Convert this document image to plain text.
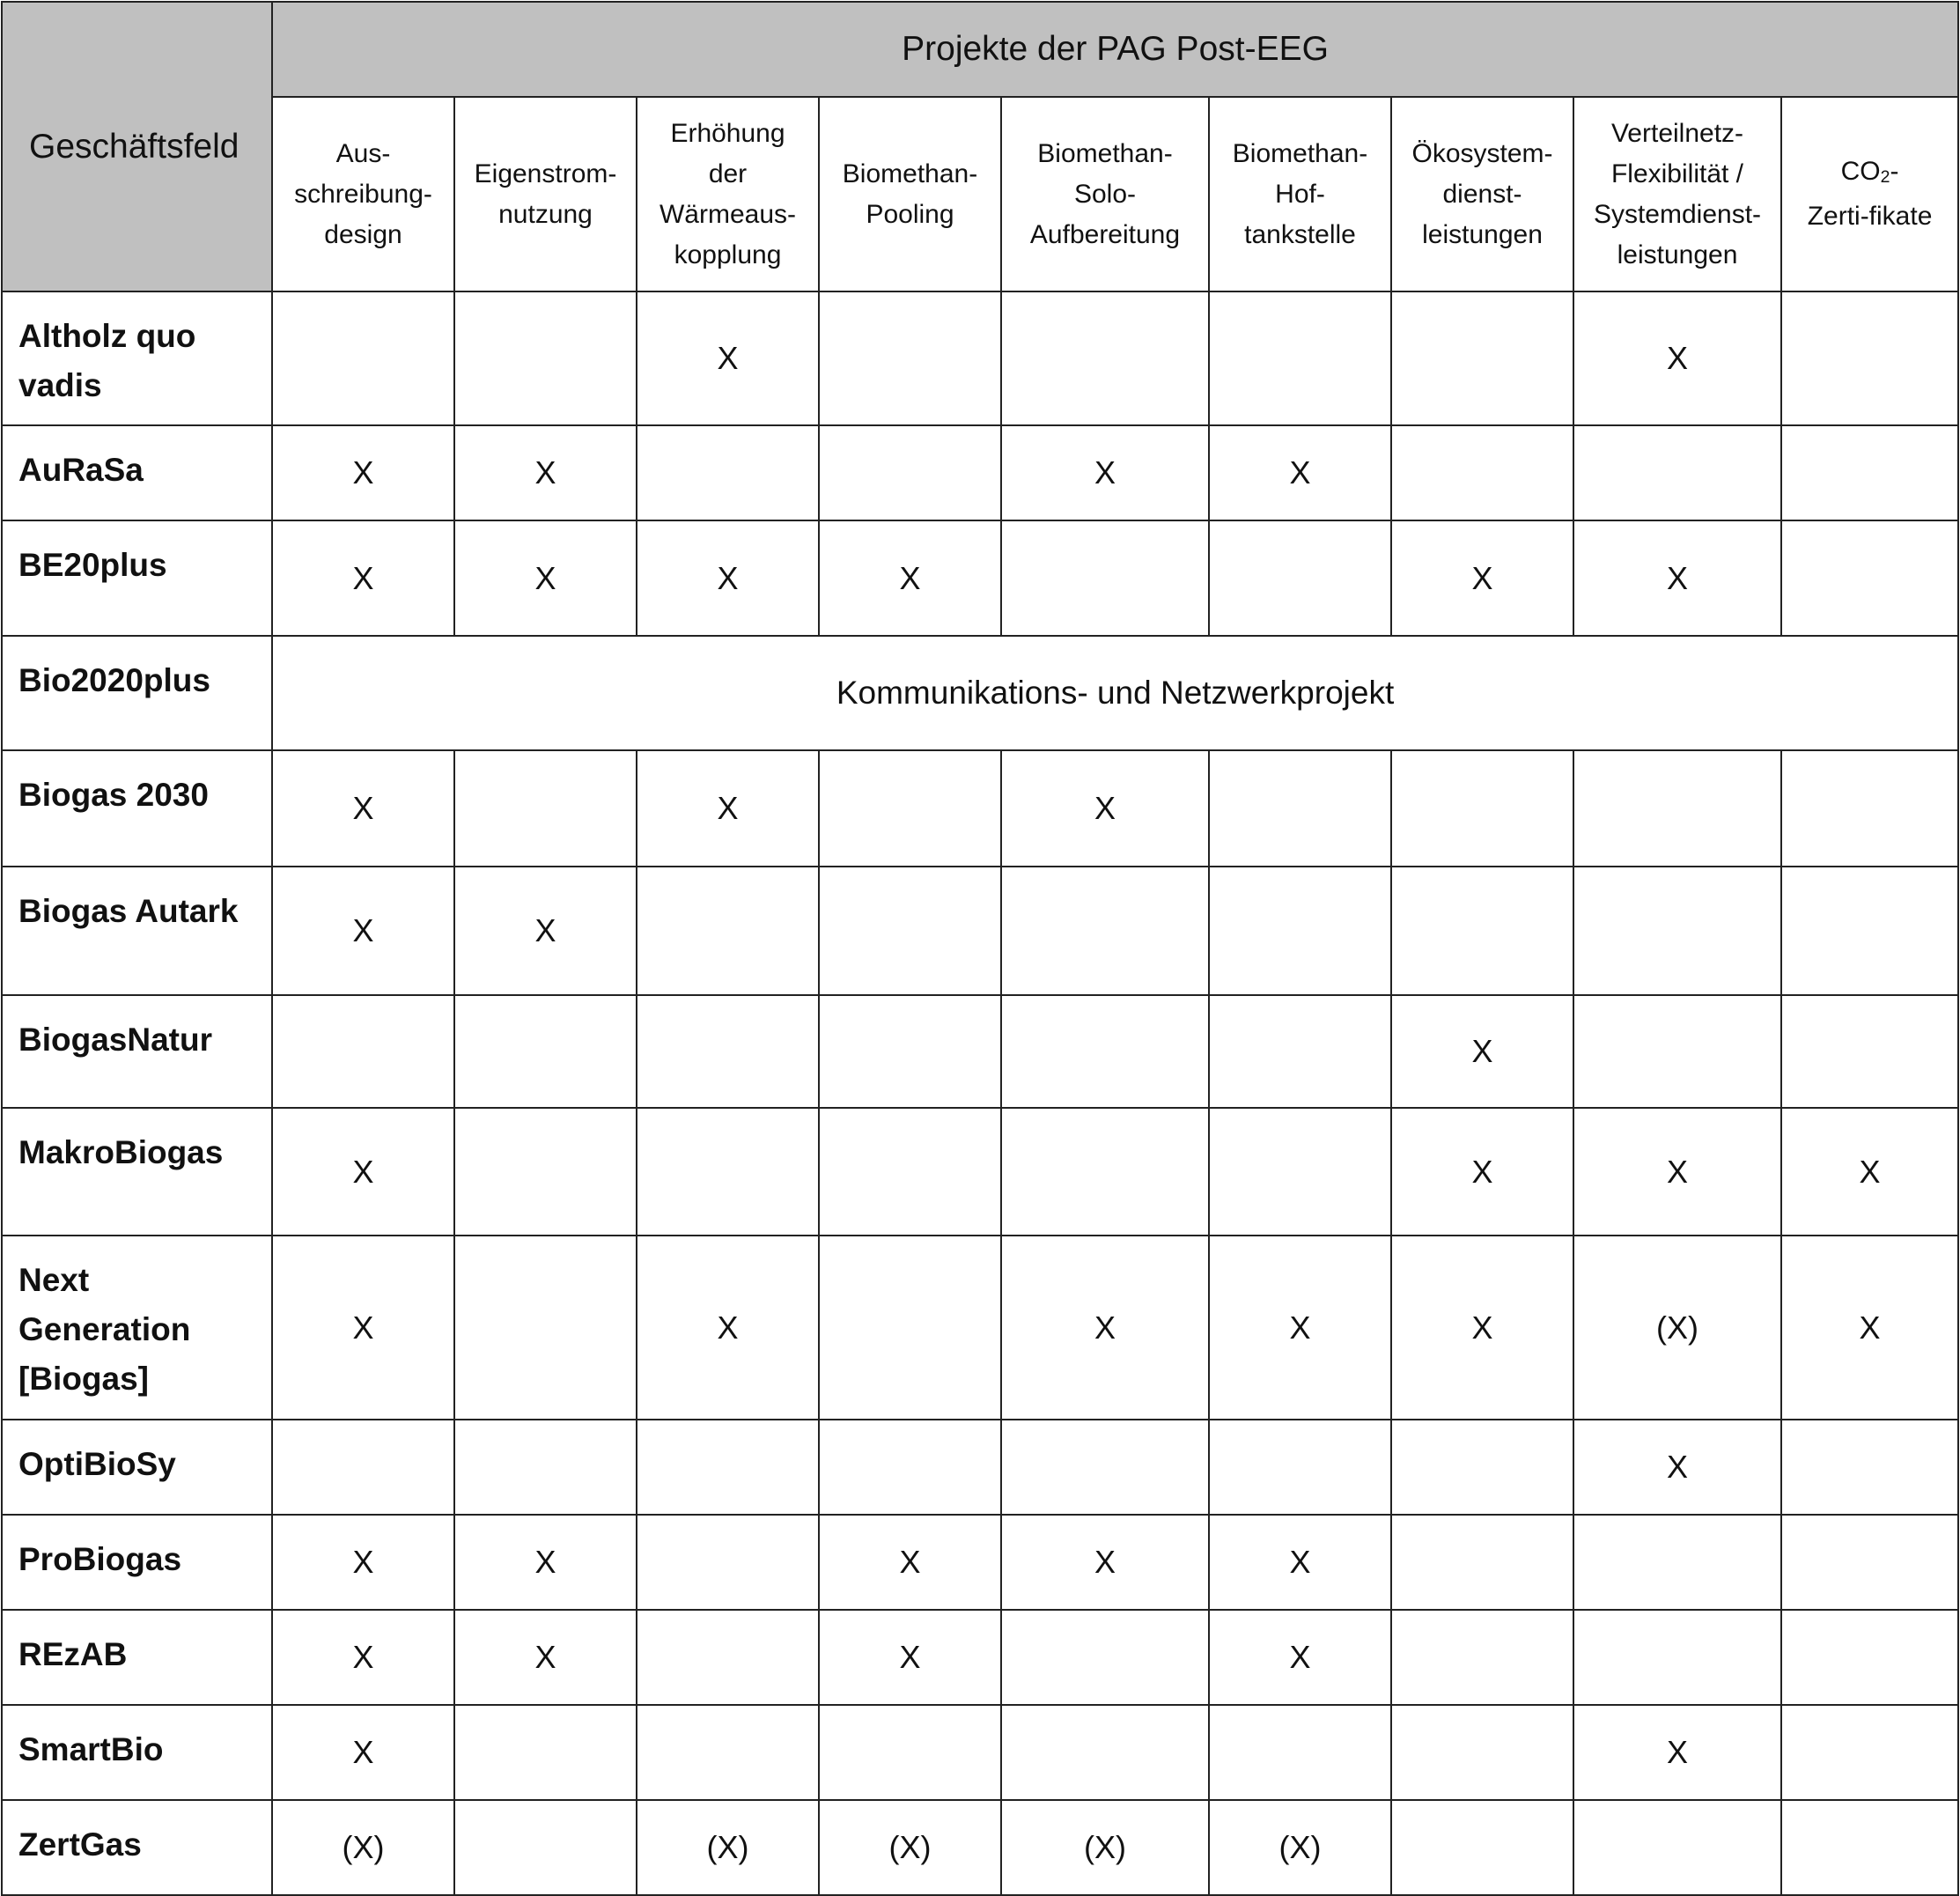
Geschäftsfeld	Projekte der PAG Post-EEG								
	Aus-
schreibung-
design	Eigenstrom-
nutzung	Erhöhung
der
Wärmeaus-
kopplung	Biomethan-
Pooling	Biomethan-
Solo-
Aufbereitung	Biomethan-
Hof-
tankstelle	Ökosystem-
dienst-
leistungen	Verteilnetz-
Flexibilität /
Systemdienst-
leistungen	$CO_2-$
Zerti-fikate
Altholz quo vadis			X					X	
AuRaSa	X	X			X	X			
BE20plus	X	X	X	X			X	X	
Bio2020plus	Kommunikations- und Netzwerkprojekt								
Biogas 2030	X		X		X				
Biogas Autark	X	X							
BiogasNatur							X		
MakroBiogas	X						X	X	X
Next Generation [Biogas]	X		X		X	X	X	(X)	X
OptiBioSy								X	
ProBiogas	X	X		X	X	X			
REzAB	X	X		X		X			
SmartBio	X							X	
ZertGas	(X)		(X)	(X)	(X)	(X)			
